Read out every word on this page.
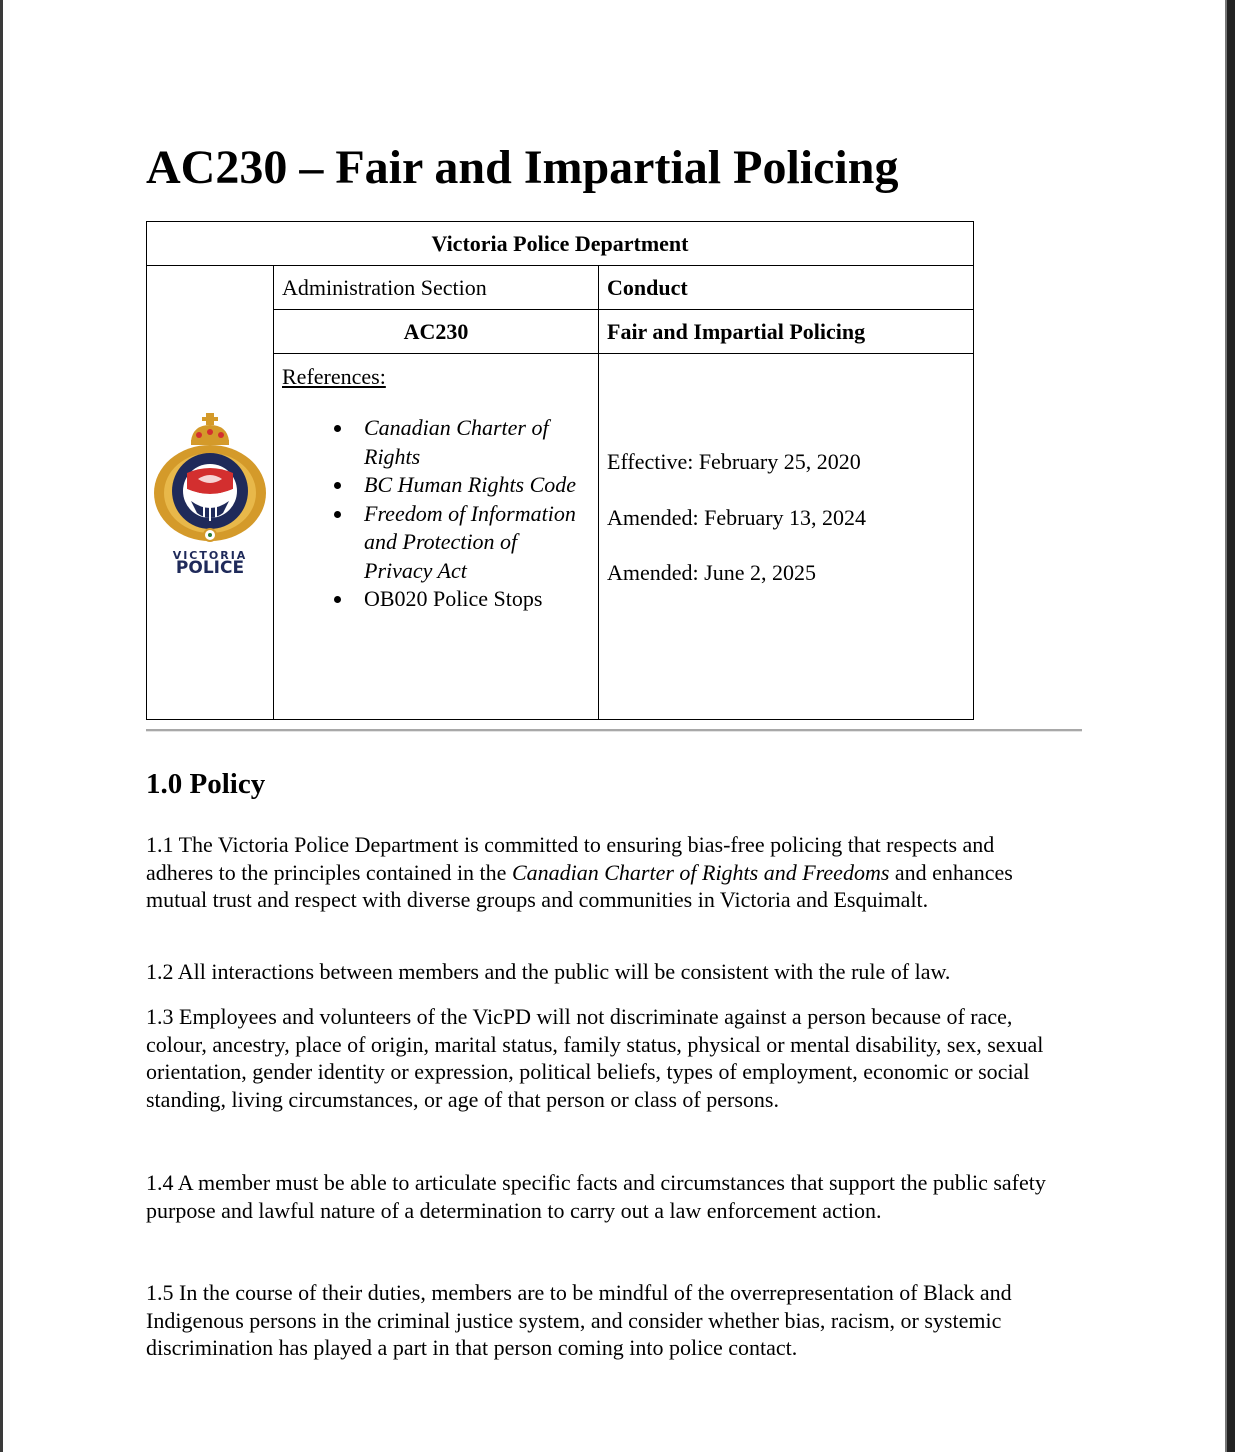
AC230 – Fair and Impartial Policing
Victoria Police Department		

VICTORIA
POLICE	Administration Section	Conduct
	AC230	Fair and Impartial Policing

References:

• Canadian Charter of Rights
• BC Human Rights Code
• Freedom of Information and Protection of Privacy Act
• OB020 Police Stops

Effective: February 25, 2020

Amended: February 13, 2024

Amended: June 2, 2025

1.0 Policy

1.1 The Victoria Police Department is committed to ensuring bias-free policing that respects and adheres to the principles contained in the Canadian Charter of Rights and Freedoms and enhances mutual trust and respect with diverse groups and communities in Victoria and Esquimalt.

1.2 All interactions between members and the public will be consistent with the rule of law.

1.3 Employees and volunteers of the VicPD will not discriminate against a person because of race, colour, ancestry, place of origin, marital status, family status, physical or mental disability, sex, sexual orientation, gender identity or expression, political beliefs, types of employment, economic or social standing, living circumstances, or age of that person or class of persons.

1.4 A member must be able to articulate specific facts and circumstances that support the public safety purpose and lawful nature of a determination to carry out a law enforcement action.

1.5 In the course of their duties, members are to be mindful of the overrepresentation of Black and Indigenous persons in the criminal justice system, and consider whether bias, racism, or systemic discrimination has played a part in that person coming into police contact.
